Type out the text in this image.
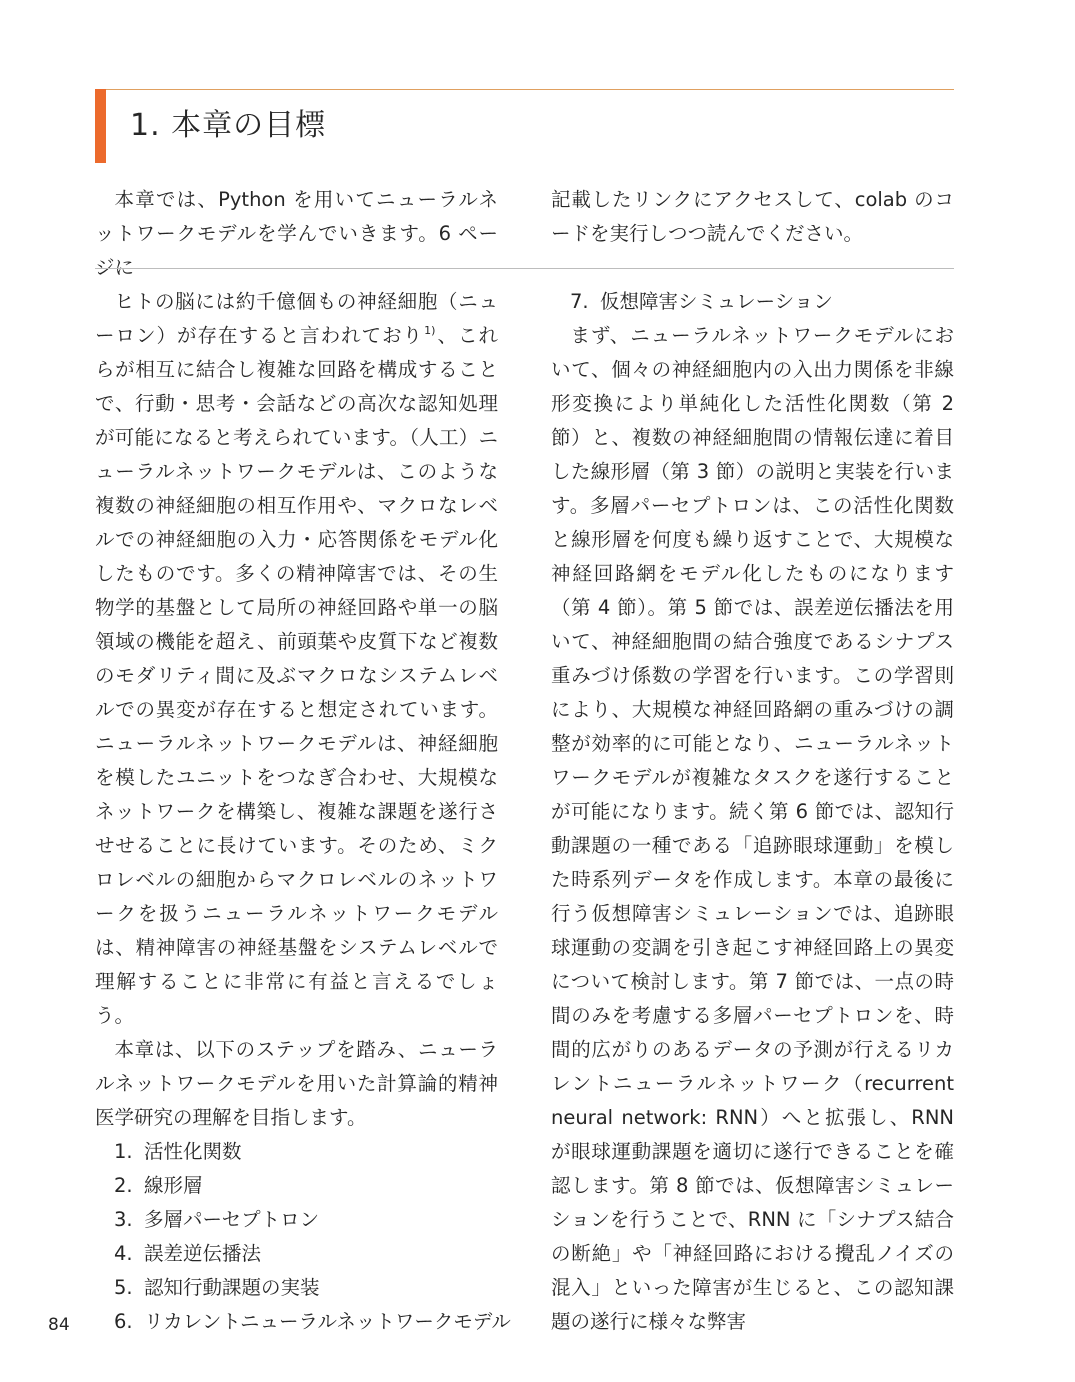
1. 本章の目標

本章では、Python を用いてニューラルネットワークモデルを学んでいきます。6 ページに

記載したリンクにアクセスして、colab のコードを実行しつつ読んでください。

ヒトの脳には約千億個もの神経細胞（ニューロン）が存在すると言われており$^{1)}$、これらが相互に結合し複雑な回路を構成することで、行動・思考・会話などの高次な認知処理が可能になると考えられています。（人工）ニューラルネットワークモデルは、このような複数の神経細胞の相互作用や、マクロなレベルでの神経細胞の入力・応答関係をモデル化したものです。多くの精神障害では、その生物学的基盤として局所の神経回路や単一の脳領域の機能を超え、前頭葉や皮質下など複数のモダリティ間に及ぶマクロなシステムレベルでの異変が存在すると想定されています。ニューラルネットワークモデルは、神経細胞を模したユニットをつなぎ合わせ、大規模なネットワークを構築し、複雑な課題を遂行させせることに長けています。そのため、ミクロレベルの細胞からマクロレベルのネットワークを扱うニューラルネットワークモデルは、精神障害の神経基盤をシステムレベルで理解することに非常に有益と言えるでしょう。

本章は、以下のステップを踏み、ニューラルネットワークモデルを用いた計算論的精神医学研究の理解を目指します。

1. 活性化関数
2. 線形層
3. 多層パーセプトロン
4. 誤差逆伝播法
5. 認知行動課題の実装
6. リカレントニューラルネットワークモデル
7. 仮想障害シミュレーション

まず、ニューラルネットワークモデルにおいて、個々の神経細胞内の入出力関係を非線形変換により単純化した活性化関数（第 2 節）と、複数の神経細胞間の情報伝達に着目した線形層（第 3 節）の説明と実装を行います。多層パーセプトロンは、この活性化関数と線形層を何度も繰り返すことで、大規模な神経回路網をモデル化したものになります（第 4 節）。第 5 節では、誤差逆伝播法を用いて、神経細胞間の結合強度であるシナプス重みづけ係数の学習を行います。この学習則により、大規模な神経回路網の重みづけの調整が効率的に可能となり、ニューラルネットワークモデルが複雑なタスクを遂行することが可能になります。続く第 6 節では、認知行動課題の一種である「追跡眼球運動」を模した時系列データを作成します。本章の最後に行う仮想障害シミュレーションでは、追跡眼球運動の変調を引き起こす神経回路上の異変について検討します。第 7 節では、一点の時間のみを考慮する多層パーセプトロンを、時間的広がりのあるデータの予測が行えるリカレントニューラルネットワーク（recurrent neural network: RNN）へと拡張し、RNN が眼球運動課題を適切に遂行できることを確認します。第 8 節では、仮想障害シミュレーションを行うことで、RNN に「シナプス結合の断絶」や「神経回路における攪乱ノイズの混入」といった障害が生じると、この認知課題の遂行に様々な弊害

84
